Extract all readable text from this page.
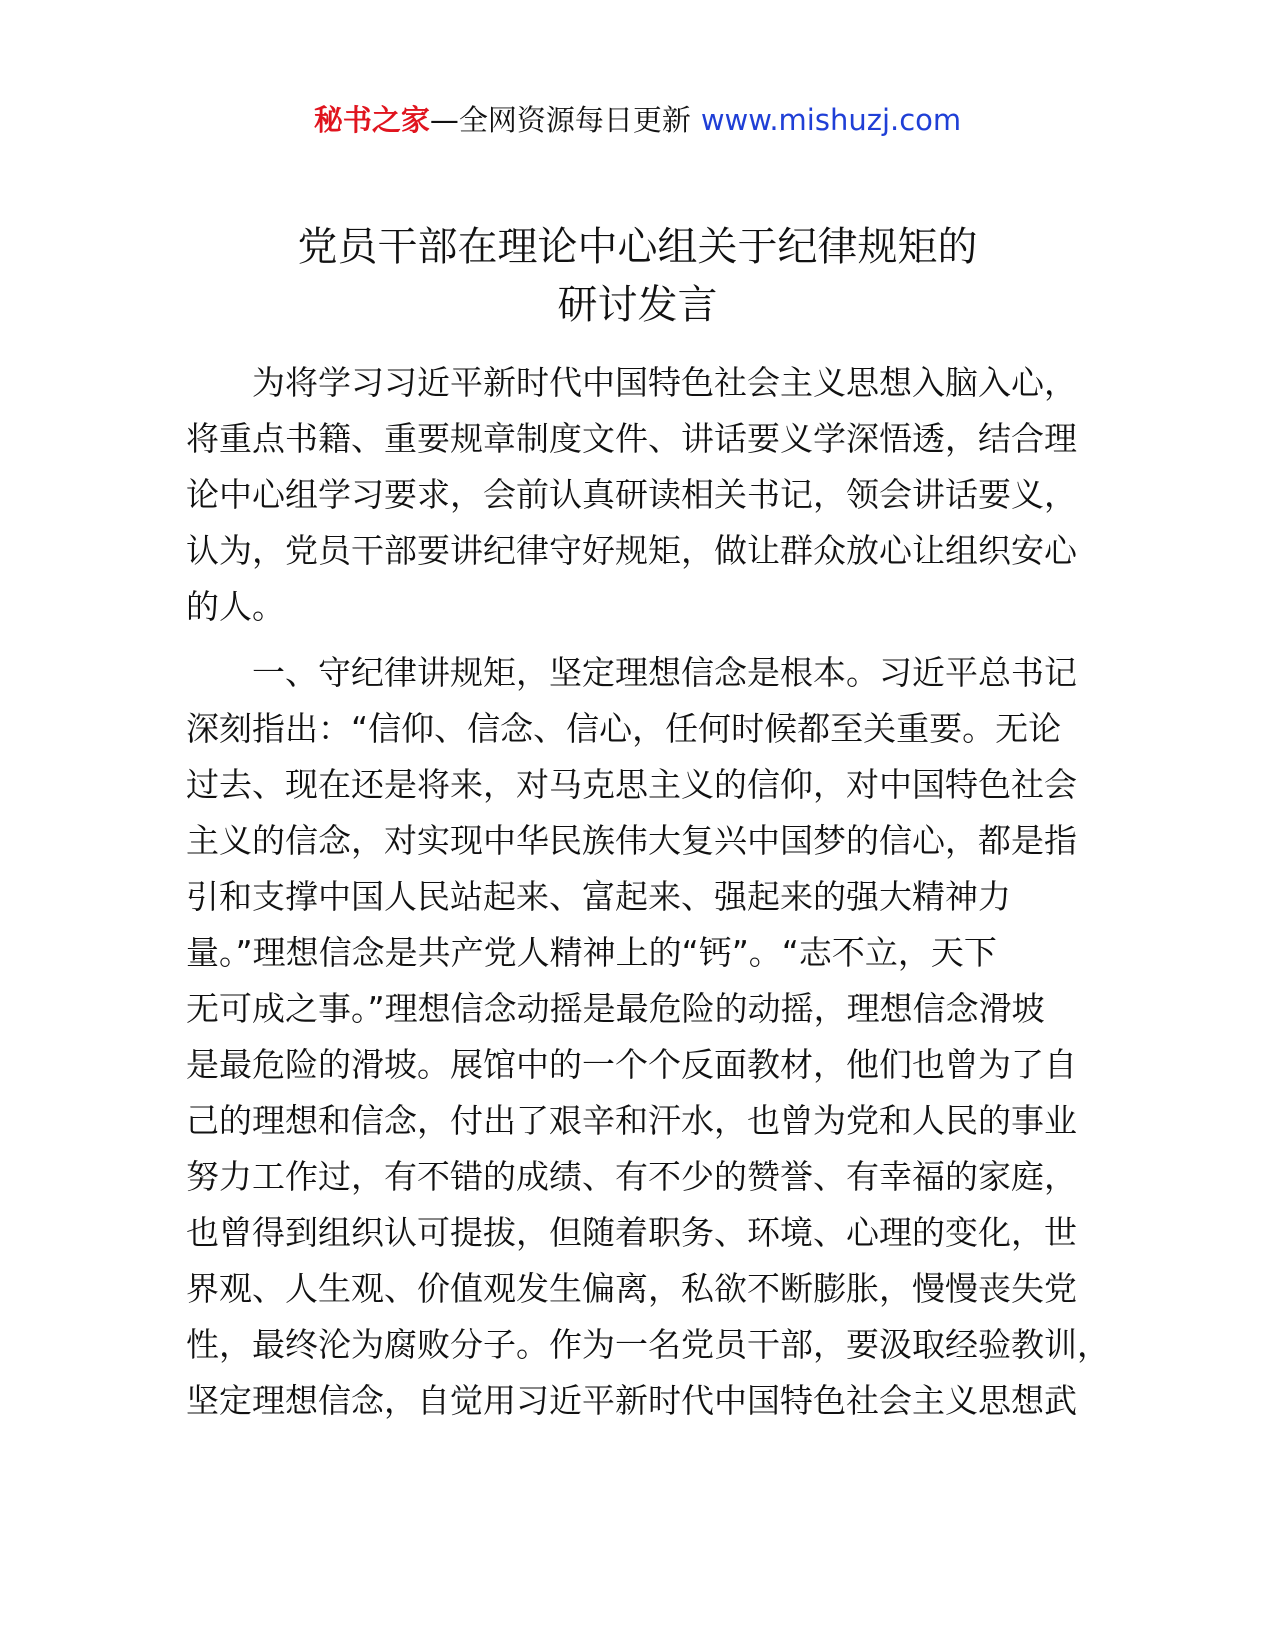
秘书之家—全网资源每日更新 www.mishuzj.com
党员干部在理论中心组关于纪律规矩的
研讨发言
为将学习习近平新时代中国特色社会主义思想入脑入心，
将重点书籍、重要规章制度文件、讲话要义学深悟透，结合理
论中心组学习要求，会前认真研读相关书记，领会讲话要义，
认为，党员干部要讲纪律守好规矩，做让群众放心让组织安心
的人。
一、守纪律讲规矩，坚定理想信念是根本。习近平总书记
深刻指出：“信仰、信念、信心，任何时候都至关重要。无论
过去、现在还是将来，对马克思主义的信仰，对中国特色社会
主义的信念，对实现中华民族伟大复兴中国梦的信心，都是指
引和支撑中国人民站起来、富起来、强起来的强大精神力
量。”理想信念是共产党人精神上的“钙”。“志不立，天下
无可成之事。”理想信念动摇是最危险的动摇，理想信念滑坡
是最危险的滑坡。展馆中的一个个反面教材，他们也曾为了自
己的理想和信念，付出了艰辛和汗水，也曾为党和人民的事业
努力工作过，有不错的成绩、有不少的赞誉、有幸福的家庭，
也曾得到组织认可提拔，但随着职务、环境、心理的变化，世
界观、人生观、价值观发生偏离，私欲不断膨胀，慢慢丧失党
性，最终沦为腐败分子。作为一名党员干部，要汲取经验教训，
坚定理想信念，自觉用习近平新时代中国特色社会主义思想武
